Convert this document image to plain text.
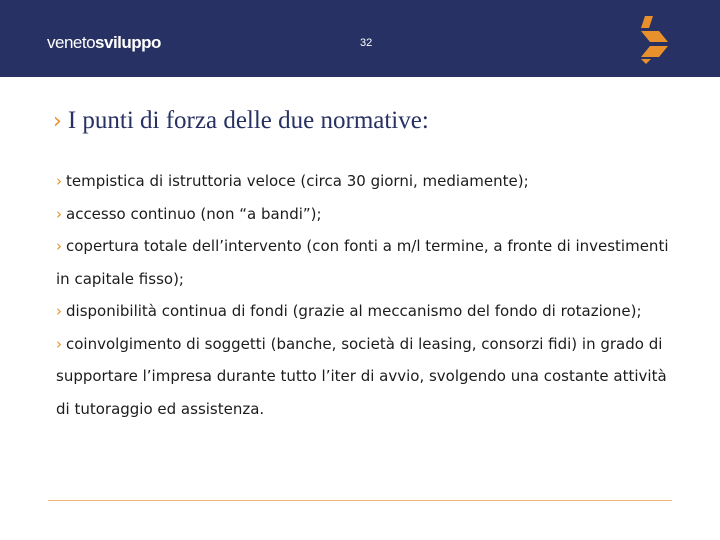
venetosviluppo	32
› I punti di forza delle due normative:
› tempistica di istruttoria veloce (circa 30 giorni, mediamente);
› accesso continuo (non “a bandi”);
› copertura totale dell’intervento (con fonti a m/l termine, a fronte di investimenti in capitale fisso);
› disponibilità continua di fondi (grazie al meccanismo del fondo di rotazione);
› coinvolgimento di soggetti (banche, società di leasing, consorzi fidi) in grado di supportare l’impresa durante tutto l’iter di avvio, svolgendo una costante attività di tutoraggio ed assistenza.
